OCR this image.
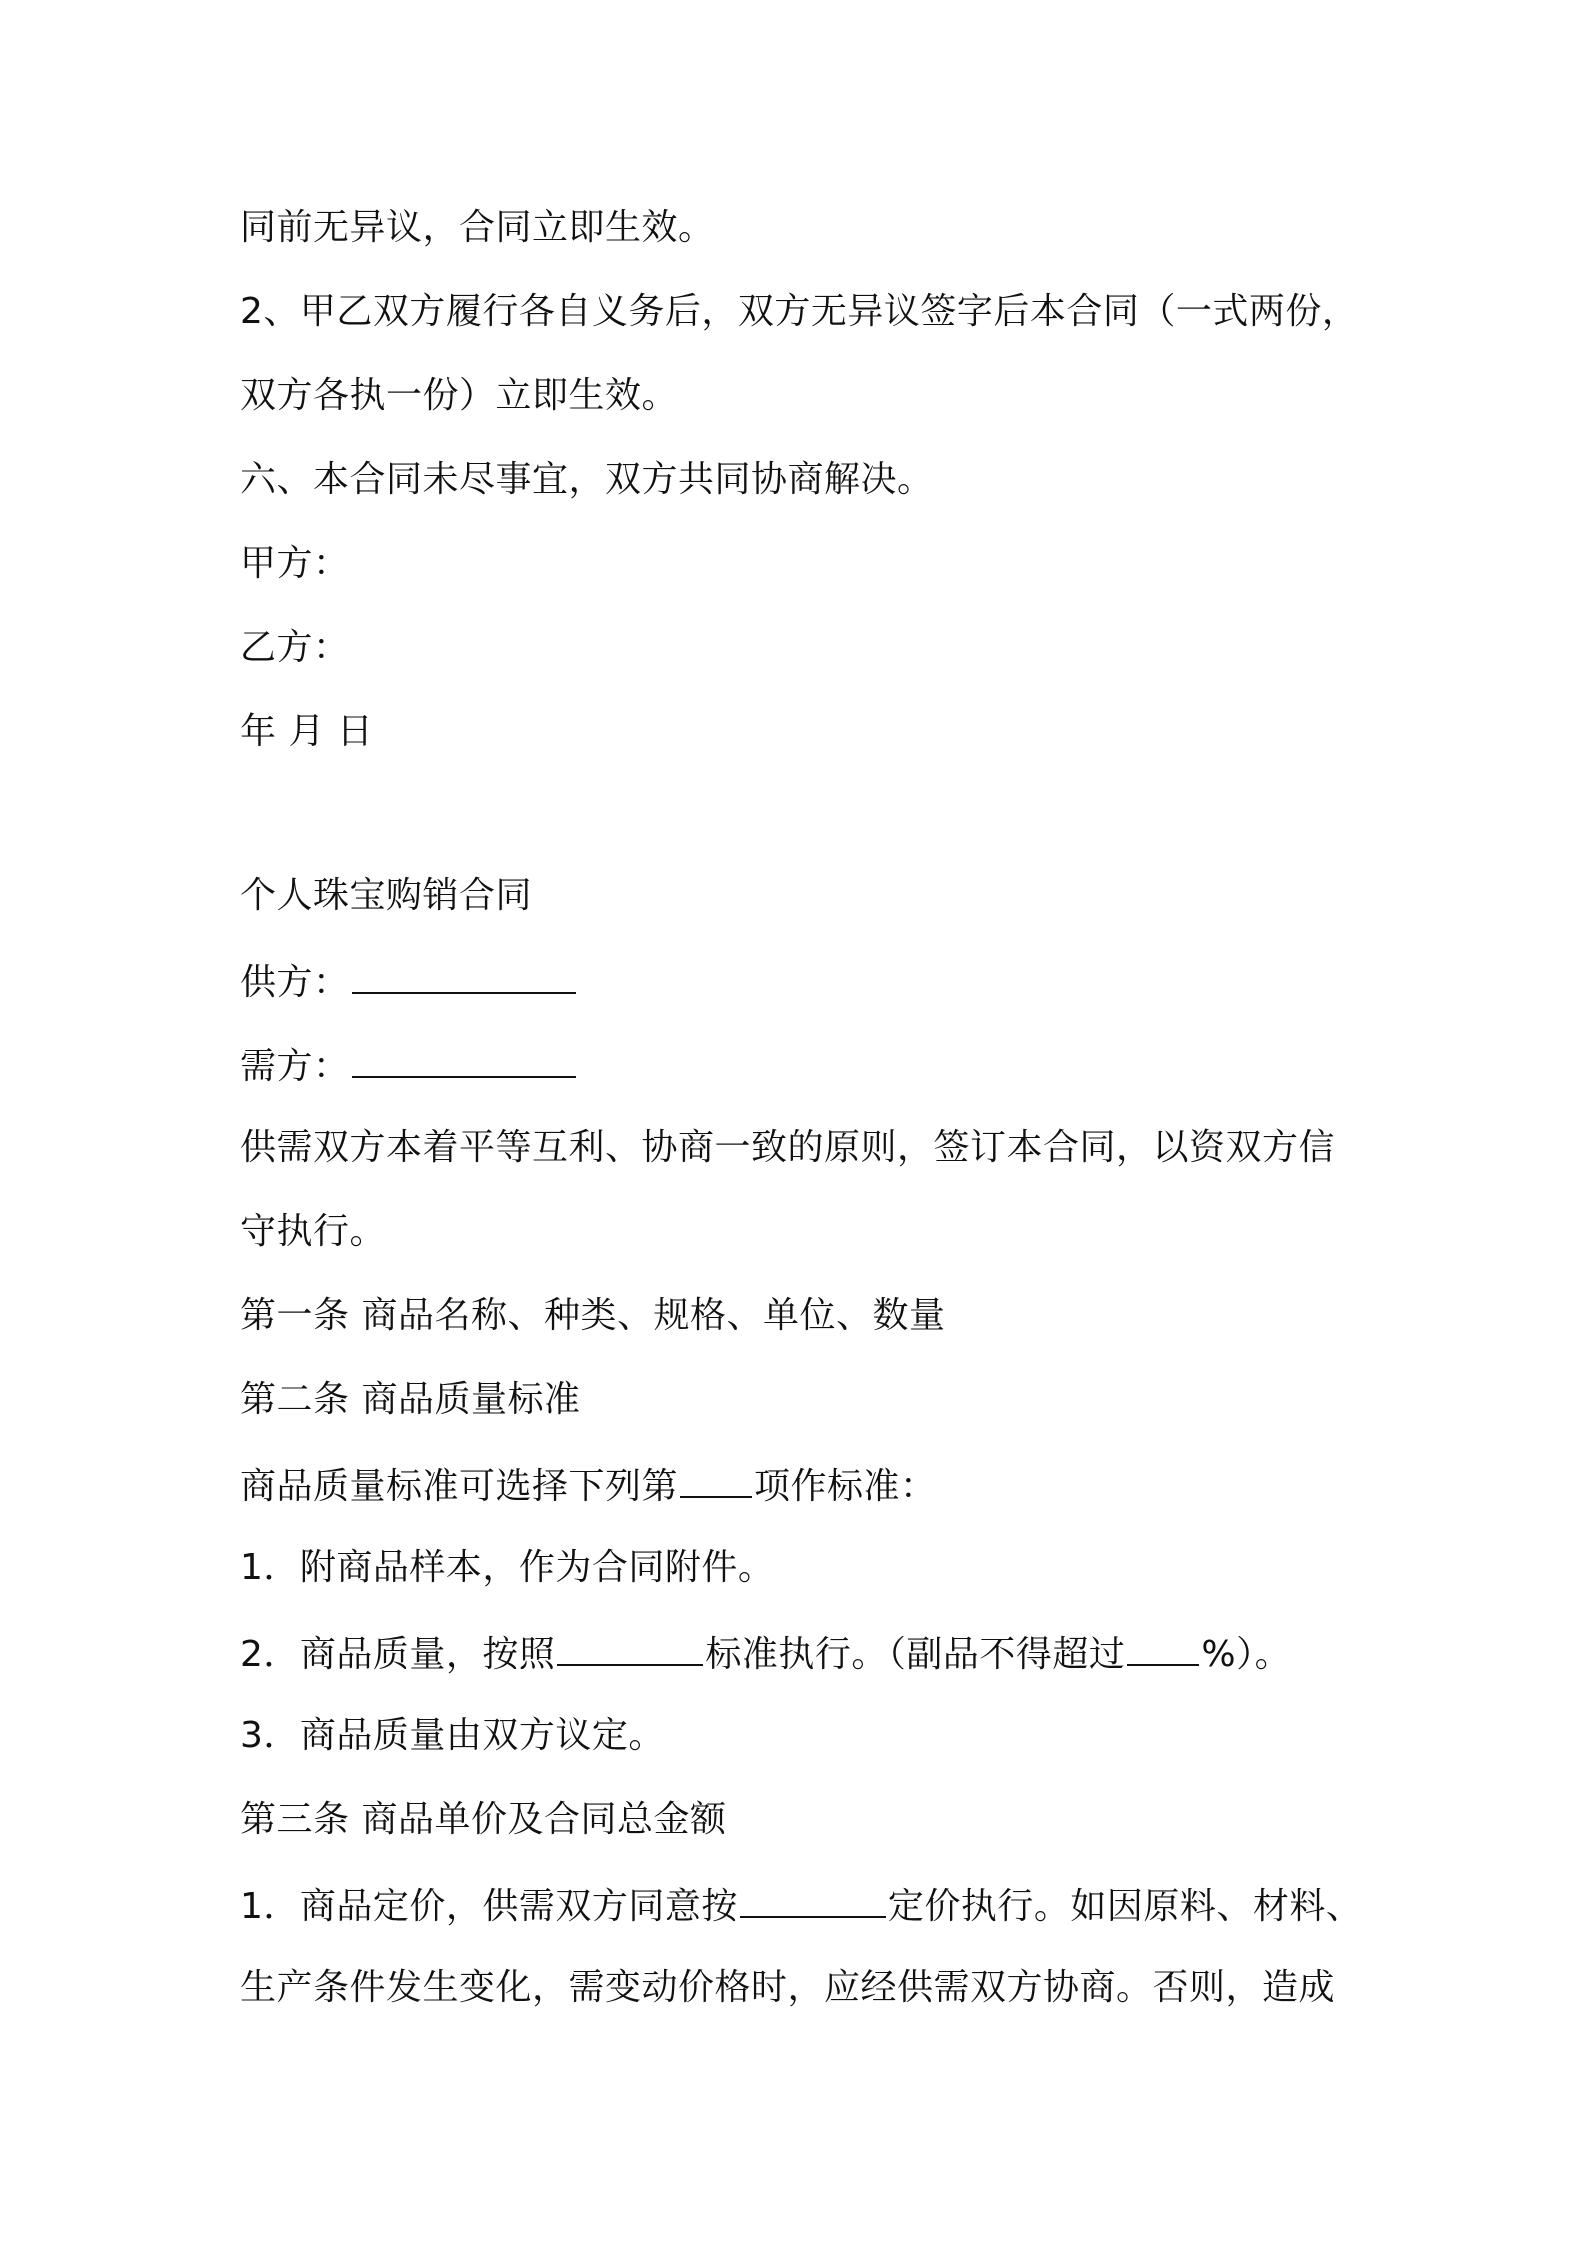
同前无异议，合同立即生效。
2、甲乙双方履行各自义务后，双方无异议签字后本合同（一式两份，
双方各执一份）立即生效。
六、本合同未尽事宜，双方共同协商解决。
甲方：
乙方：
年 月 日
个人珠宝购销合同
供方：
需方：
供需双方本着平等互利、协商一致的原则，签订本合同，以资双方信
守执行。
第一条 商品名称、种类、规格、单位、数量
第二条 商品质量标准
商品质量标准可选择下列第 项作标准：
1．附商品样本，作为合同附件。
2．商品质量，按照	标准执行。（副品不得超过 %）。
3．商品质量由双方议定。
第三条 商品单价及合同总金额
1．商品定价，供需双方同意按	定价执行。如因原料、材料、
生产条件发生变化，需变动价格时，应经供需双方协商。否则，造成
